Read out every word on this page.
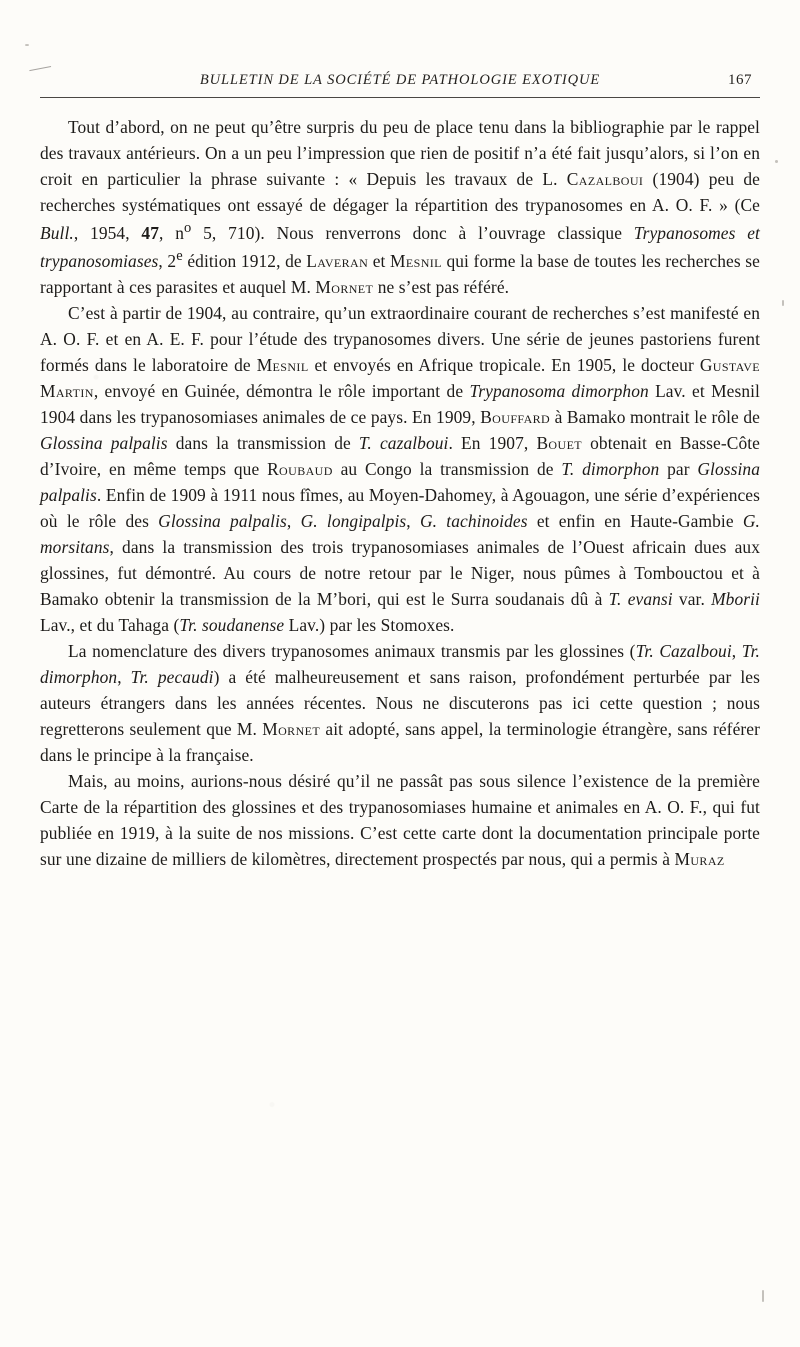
BULLETIN DE LA SOCIÉTÉ DE PATHOLOGIE EXOTIQUE	167

Tout d’abord, on ne peut qu’être surpris du peu de place tenu dans la bibliographie par le rappel des travaux antérieurs. On a un peu l’impression que rien de positif n’a été fait jusqu’alors, si l’on en croit en particulier la phrase suivante : « Depuis les travaux de L. Cazalboui (1904) peu de recherches systématiques ont essayé de dégager la répartition des trypanosomes en A. O. F. » (Ce Bull., 1954, 47, $n^o$ 5, 710). Nous renverrons donc à l’ouvrage classique Trypanosomes et trypanosomiases, 2e édition 1912, de Laveran et Mesnil qui forme la base de toutes les recherches se rapportant à ces parasites et auquel M. Mornet ne s’est pas référé.

C’est à partir de 1904, au contraire, qu’un extraordinaire courant de recherches s’est manifesté en A. O. F. et en A. E. F. pour l’étude des trypanosomes divers. Une série de jeunes pastoriens furent formés dans le laboratoire de Mesnil et envoyés en Afrique tropicale. En 1905, le docteur Gustave Martin, envoyé en Guinée, démontra le rôle important de Trypanosoma dimorphon Lav. et Mesnil 1904 dans les trypanosomiases animales de ce pays. En 1909, Bouffard à Bamako montrait le rôle de Glossina palpalis dans la transmission de T. cazalboui. En 1907, Bouet obtenait en Basse-Côte d’Ivoire, en même temps que Roubaud au Congo la transmission de T. dimorphon par Glossina palpalis. Enfin de 1909 à 1911 nous fîmes, au Moyen-Dahomey, à Agouagon, une série d’expériences où le rôle des Glossina palpalis, G. longipalpis, G. tachinoides et enfin en Haute-Gambie G. morsitans, dans la transmission des trois trypanosomiases animales de l’Ouest africain dues aux glossines, fut démontré. Au cours de notre retour par le Niger, nous pûmes à Tombouctou et à Bamako obtenir la transmission de la M’bori, qui est le Surra soudanais dû à T. evansi var. Mborii Lav., et du Tahaga (Tr. soudanense Lav.) par les Stomoxes.

La nomenclature des divers trypanosomes animaux transmis par les glossines (Tr. Cazalboui, Tr. dimorphon, Tr. pecaudi) a été malheureusement et sans raison, profondément perturbée par les auteurs étrangers dans les années récentes. Nous ne discuterons pas ici cette question ; nous regretterons seulement que M. Mornet ait adopté, sans appel, la terminologie étrangère, sans référer dans le principe à la française.

Mais, au moins, aurions-nous désiré qu’il ne passât pas sous silence l’existence de la première Carte de la répartition des glossines et des trypanosomiases humaine et animales en A. O. F., qui fut publiée en 1919, à la suite de nos missions. C’est cette carte dont la documentation principale porte sur une dizaine de milliers de kilomètres, directement prospectés par nous, qui a permis à Muraz
